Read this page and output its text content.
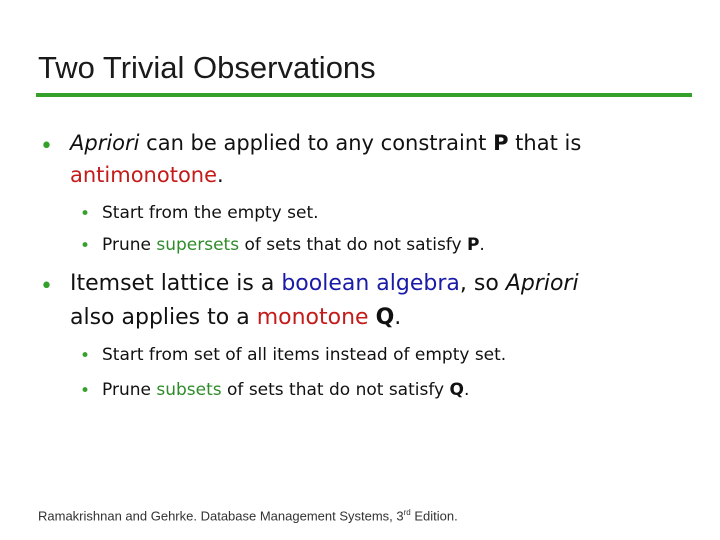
Two Trivial Observations
• Apriori can be applied to any constraint P that is
antimonotone.
• Start from the empty set.
• Prune supersets of sets that do not satisfy P.
• Itemset lattice is a boolean algebra, so Apriori
also applies to a monotone Q.
• Start from set of all items instead of empty set.
• Prune subsets of sets that do not satisfy Q.
Ramakrishnan and Gehrke. Database Management Systems, 3rd Edition.
